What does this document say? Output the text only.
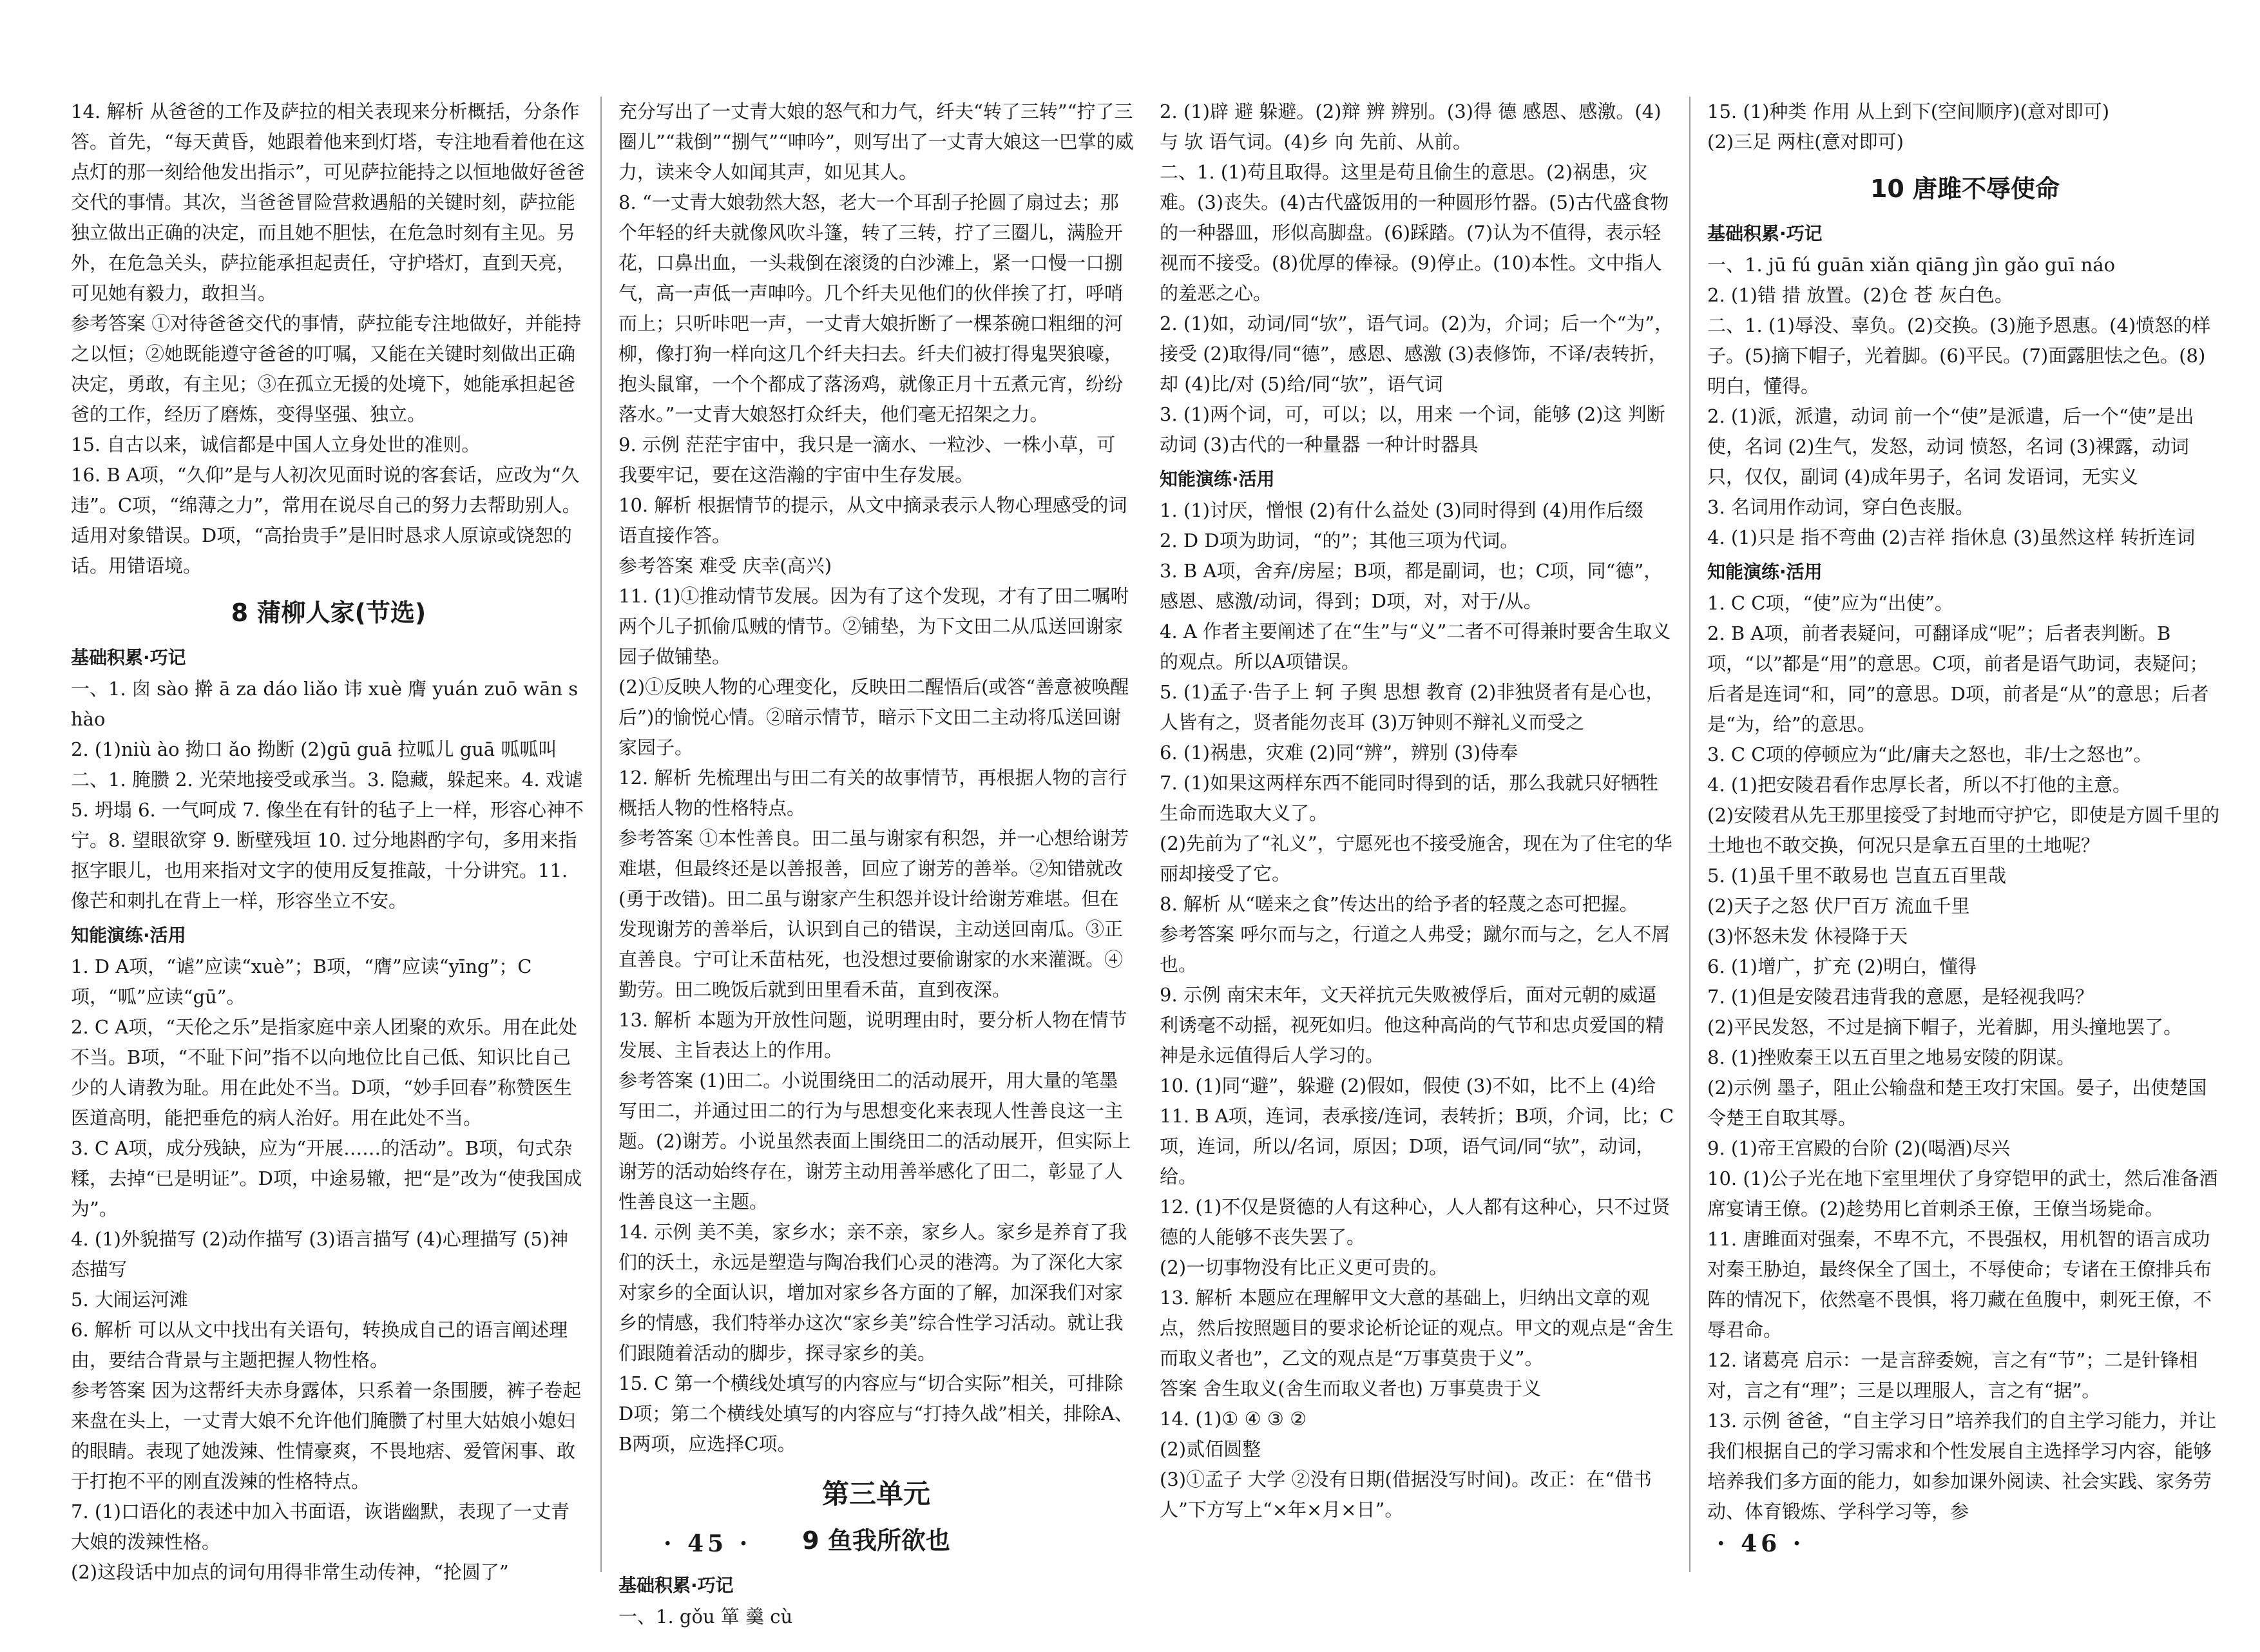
14. 解析 从爸爸的工作及萨拉的相关表现来分析概括，分条作答。首先，“每天黄昏，她跟着他来到灯塔，专注地看着他在这点灯的那一刻给他发出指示”，可见萨拉能持之以恒地做好爸爸交代的事情。其次，当爸爸冒险营救遇船的关键时刻，萨拉能独立做出正确的决定，而且她不胆怯，在危急时刻有主见。另外，在危急关头，萨拉能承担起责任，守护塔灯，直到天亮，可见她有毅力，敢担当。

参考答案 ①对待爸爸交代的事情，萨拉能专注地做好，并能持之以恒；②她既能遵守爸爸的叮嘱，又能在关键时刻做出正确决定，勇敢，有主见；③在孤立无援的处境下，她能承担起爸爸的工作，经历了磨炼，变得坚强、独立。

15. 自古以来，诚信都是中国人立身处世的准则。

16. B A项，“久仰”是与人初次见面时说的客套话，应改为“久违”。C项，“绵薄之力”，常用在说尽自己的努力去帮助别人。适用对象错误。D项，“高抬贵手”是旧时恳求人原谅或饶恕的话。用错语境。

8 蒲柳人家(节选)
基础积累·巧记

一、1. 囱 sào 擀 ā za dáo liǎo 讳 xuè 膺 yuán zuō wān shào

2. (1)niù ào 拗口 ǎo 拗断 (2)gū guā 拉呱儿 guā 呱呱叫

二、1. 腌臜 2. 光荣地接受或承当。3. 隐藏，躲起来。4. 戏谑 5. 坍塌 6. 一气呵成 7. 像坐在有针的毡子上一样，形容心神不宁。8. 望眼欲穿 9. 断壁残垣 10. 过分地斟酌字句，多用来指抠字眼儿，也用来指对文字的使用反复推敲，十分讲究。11. 像芒和刺扎在背上一样，形容坐立不安。

知能演练·活用

1. D A项，“谑”应读“xuè”；B项，“膺”应读“yīng”；C项，“呱”应读“gū”。

2. C A项，“天伦之乐”是指家庭中亲人团聚的欢乐。用在此处不当。B项，“不耻下问”指不以向地位比自己低、知识比自己少的人请教为耻。用在此处不当。D项，“妙手回春”称赞医生医道高明，能把垂危的病人治好。用在此处不当。

3. C A项，成分残缺，应为“开展……的活动”。B项，句式杂糅，去掉“已是明证”。D项，中途易辙，把“是”改为“使我国成为”。

4. (1)外貌描写 (2)动作描写 (3)语言描写 (4)心理描写 (5)神态描写

5. 大闹运河滩

6. 解析 可以从文中找出有关语句，转换成自己的语言阐述理由，要结合背景与主题把握人物性格。

参考答案 因为这帮纤夫赤身露体，只系着一条围腰，裤子卷起来盘在头上，一丈青大娘不允许他们腌臜了村里大姑娘小媳妇的眼睛。表现了她泼辣、性情豪爽，不畏地痞、爱管闲事、敢于打抱不平的刚直泼辣的性格特点。

7. (1)口语化的表述中加入书面语，诙谐幽默，表现了一丈青大娘的泼辣性格。

(2)这段话中加点的词句用得非常生动传神，“抡圆了”

充分写出了一丈青大娘的怒气和力气，纤夫“转了三转”“拧了三圈儿”“栽倒”“捌气”“呻吟”，则写出了一丈青大娘这一巴掌的威力，读来令人如闻其声，如见其人。

8. “一丈青大娘勃然大怒，老大一个耳刮子抡圆了扇过去；那个年轻的纤夫就像风吹斗篷，转了三转，拧了三圈儿，满脸开花，口鼻出血，一头栽倒在滚烫的白沙滩上，紧一口慢一口捌气，高一声低一声呻吟。几个纤夫见他们的伙伴挨了打，呼哨而上；只听咔吧一声，一丈青大娘折断了一棵茶碗口粗细的河柳，像打狗一样向这几个纤夫扫去。纤夫们被打得鬼哭狼嚎，抱头鼠窜，一个个都成了落汤鸡，就像正月十五煮元宵，纷纷落水。”一丈青大娘怒打众纤夫，他们毫无招架之力。

9. 示例 茫茫宇宙中，我只是一滴水、一粒沙、一株小草，可我要牢记，要在这浩瀚的宇宙中生存发展。

10. 解析 根据情节的提示，从文中摘录表示人物心理感受的词语直接作答。

参考答案 难受 庆幸(高兴)

11. (1)①推动情节发展。因为有了这个发现，才有了田二嘱咐两个儿子抓偷瓜贼的情节。②铺垫，为下文田二从瓜送回谢家园子做铺垫。

(2)①反映人物的心理变化，反映田二醒悟后(或答“善意被唤醒后”)的愉悦心情。②暗示情节，暗示下文田二主动将瓜送回谢家园子。

12. 解析 先梳理出与田二有关的故事情节，再根据人物的言行概括人物的性格特点。

参考答案 ①本性善良。田二虽与谢家有积怨，并一心想给谢芳难堪，但最终还是以善报善，回应了谢芳的善举。②知错就改(勇于改错)。田二虽与谢家产生积怨并设计给谢芳难堪。但在发现谢芳的善举后，认识到自己的错误，主动送回南瓜。③正直善良。宁可让禾苗枯死，也没想过要偷谢家的水来灌溉。④勤劳。田二晚饭后就到田里看禾苗，直到夜深。

13. 解析 本题为开放性问题，说明理由时，要分析人物在情节发展、主旨表达上的作用。

参考答案 (1)田二。小说围绕田二的活动展开，用大量的笔墨写田二，并通过田二的行为与思想变化来表现人性善良这一主题。(2)谢芳。小说虽然表面上围绕田二的活动展开，但实际上谢芳的活动始终存在，谢芳主动用善举感化了田二，彰显了人性善良这一主题。

14. 示例 美不美，家乡水；亲不亲，家乡人。家乡是养育了我们的沃土，永远是塑造与陶冶我们心灵的港湾。为了深化大家对家乡的全面认识，增加对家乡各方面的了解，加深我们对家乡的情感，我们特举办这次“家乡美”综合性学习活动。就让我们跟随着活动的脚步，探寻家乡的美。

15. C 第一个横线处填写的内容应与“切合实际”相关，可排除D项；第二个横线处填写的内容应与“打持久战”相关，排除A、B两项，应选择C项。

第三单元
9 鱼我所欲也
基础积累·巧记

一、1. gǒu 箪 羹 cù

· 45 ·

2. (1)辟 避 躲避。(2)辩 辨 辨别。(3)得 德 感恩、感激。(4)与 欤 语气词。(4)乡 向 先前、从前。

二、1. (1)苟且取得。这里是苟且偷生的意思。(2)祸患，灾难。(3)丧失。(4)古代盛饭用的一种圆形竹器。(5)古代盛食物的一种器皿，形似高脚盘。(6)踩踏。(7)认为不值得，表示轻视而不接受。(8)优厚的俸禄。(9)停止。(10)本性。文中指人的羞恶之心。

2. (1)如，动词/同“欤”，语气词。(2)为，介词；后一个“为”，接受 (2)取得/同“德”，感恩、感激 (3)表修饰，不译/表转折，却 (4)比/对 (5)给/同“欤”，语气词

3. (1)两个词，可，可以；以，用来 一个词，能够 (2)这 判断动词 (3)古代的一种量器 一种计时器具

知能演练·活用

1. (1)讨厌，憎恨 (2)有什么益处 (3)同时得到 (4)用作后缀

2. D D项为助词，“的”；其他三项为代词。

3. B A项，舍弃/房屋；B项，都是副词，也；C项，同“德”，感恩、感激/动词，得到；D项，对，对于/从。

4. A 作者主要阐述了在“生”与“义”二者不可得兼时要舍生取义的观点。所以A项错误。

5. (1)孟子·告子上 轲 子舆 思想 教育 (2)非独贤者有是心也，人皆有之，贤者能勿丧耳 (3)万钟则不辩礼义而受之

6. (1)祸患，灾难 (2)同“辨”，辨别 (3)侍奉

7. (1)如果这两样东西不能同时得到的话，那么我就只好牺牲生命而选取大义了。

(2)先前为了“礼义”，宁愿死也不接受施舍，现在为了住宅的华丽却接受了它。

8. 解析 从“嗟来之食”传达出的给予者的轻蔑之态可把握。

参考答案 呼尔而与之，行道之人弗受；蹴尔而与之，乞人不屑也。

9. 示例 南宋末年，文天祥抗元失败被俘后，面对元朝的威逼利诱毫不动摇，视死如归。他这种高尚的气节和忠贞爱国的精神是永远值得后人学习的。

10. (1)同“避”，躲避 (2)假如，假使 (3)不如，比不上 (4)给

11. B A项，连词，表承接/连词，表转折；B项，介词，比；C项，连词，所以/名词，原因；D项，语气词/同“欤”，动词，给。

12. (1)不仅是贤德的人有这种心，人人都有这种心，只不过贤德的人能够不丧失罢了。

(2)一切事物没有比正义更可贵的。

13. 解析 本题应在理解甲文大意的基础上，归纳出文章的观点，然后按照题目的要求论析论证的观点。甲文的观点是“舍生而取义者也”，乙文的观点是“万事莫贵于义”。

答案 舍生取义(舍生而取义者也) 万事莫贵于义

14. (1)① ④ ③ ②

(2)贰佰圆整

(3)①孟子 大学 ②没有日期(借据没写时间)。改正：在“借书人”下方写上“×年×月×日”。

15. (1)种类 作用 从上到下(空间顺序)(意对即可)

(2)三足 两柱(意对即可)

10 唐雎不辱使命
基础积累·巧记

一、1. jū fú guān xiǎn qiāng jìn gǎo guī náo

2. (1)错 措 放置。(2)仓 苍 灰白色。

二、1. (1)辱没、辜负。(2)交换。(3)施予恩惠。(4)愤怒的样子。(5)摘下帽子，光着脚。(6)平民。(7)面露胆怯之色。(8)明白，懂得。

2. (1)派，派遣，动词 前一个“使”是派遣，后一个“使”是出使，名词 (2)生气，发怒，动词 愤怒，名词 (3)裸露，动词 只，仅仅，副词 (4)成年男子，名词 发语词，无实义

3. 名词用作动词，穿白色丧服。

4. (1)只是 指不弯曲 (2)吉祥 指休息 (3)虽然这样 转折连词

知能演练·活用

1. C C项，“使”应为“出使”。

2. B A项，前者表疑问，可翻译成“呢”；后者表判断。B项，“以”都是“用”的意思。C项，前者是语气助词，表疑问；后者是连词“和，同”的意思。D项，前者是“从”的意思；后者是“为，给”的意思。

3. C C项的停顿应为“此/庸夫之怒也，非/士之怒也”。

4. (1)把安陵君看作忠厚长者，所以不打他的主意。

(2)安陵君从先王那里接受了封地而守护它，即使是方圆千里的土地也不敢交换，何况只是拿五百里的土地呢？

5. (1)虽千里不敢易也 岂直五百里哉

(2)天子之怒 伏尸百万 流血千里

(3)怀怒未发 休祲降于天

6. (1)增广，扩充 (2)明白，懂得

7. (1)但是安陵君违背我的意愿，是轻视我吗？

(2)平民发怒，不过是摘下帽子，光着脚，用头撞地罢了。

8. (1)挫败秦王以五百里之地易安陵的阴谋。

(2)示例 墨子，阻止公输盘和楚王攻打宋国。晏子，出使楚国令楚王自取其辱。

9. (1)帝王宫殿的台阶 (2)(喝酒)尽兴

10. (1)公子光在地下室里埋伏了身穿铠甲的武士，然后准备酒席宴请王僚。(2)趁势用匕首刺杀王僚，王僚当场毙命。

11. 唐雎面对强秦，不卑不亢，不畏强权，用机智的语言成功对秦王胁迫，最终保全了国土，不辱使命；专诸在王僚排兵布阵的情况下，依然毫不畏惧，将刀藏在鱼腹中，刺死王僚，不辱君命。

12. 诸葛亮 启示：一是言辞委婉，言之有“节”；二是针锋相对，言之有“理”；三是以理服人，言之有“据”。

13. 示例 爸爸，“自主学习日”培养我们的自主学习能力，并让我们根据自己的学习需求和个性发展自主选择学习内容，能够培养我们多方面的能力，如参加课外阅读、社会实践、家务劳动、体育锻炼、学科学习等，参

· 46 ·
